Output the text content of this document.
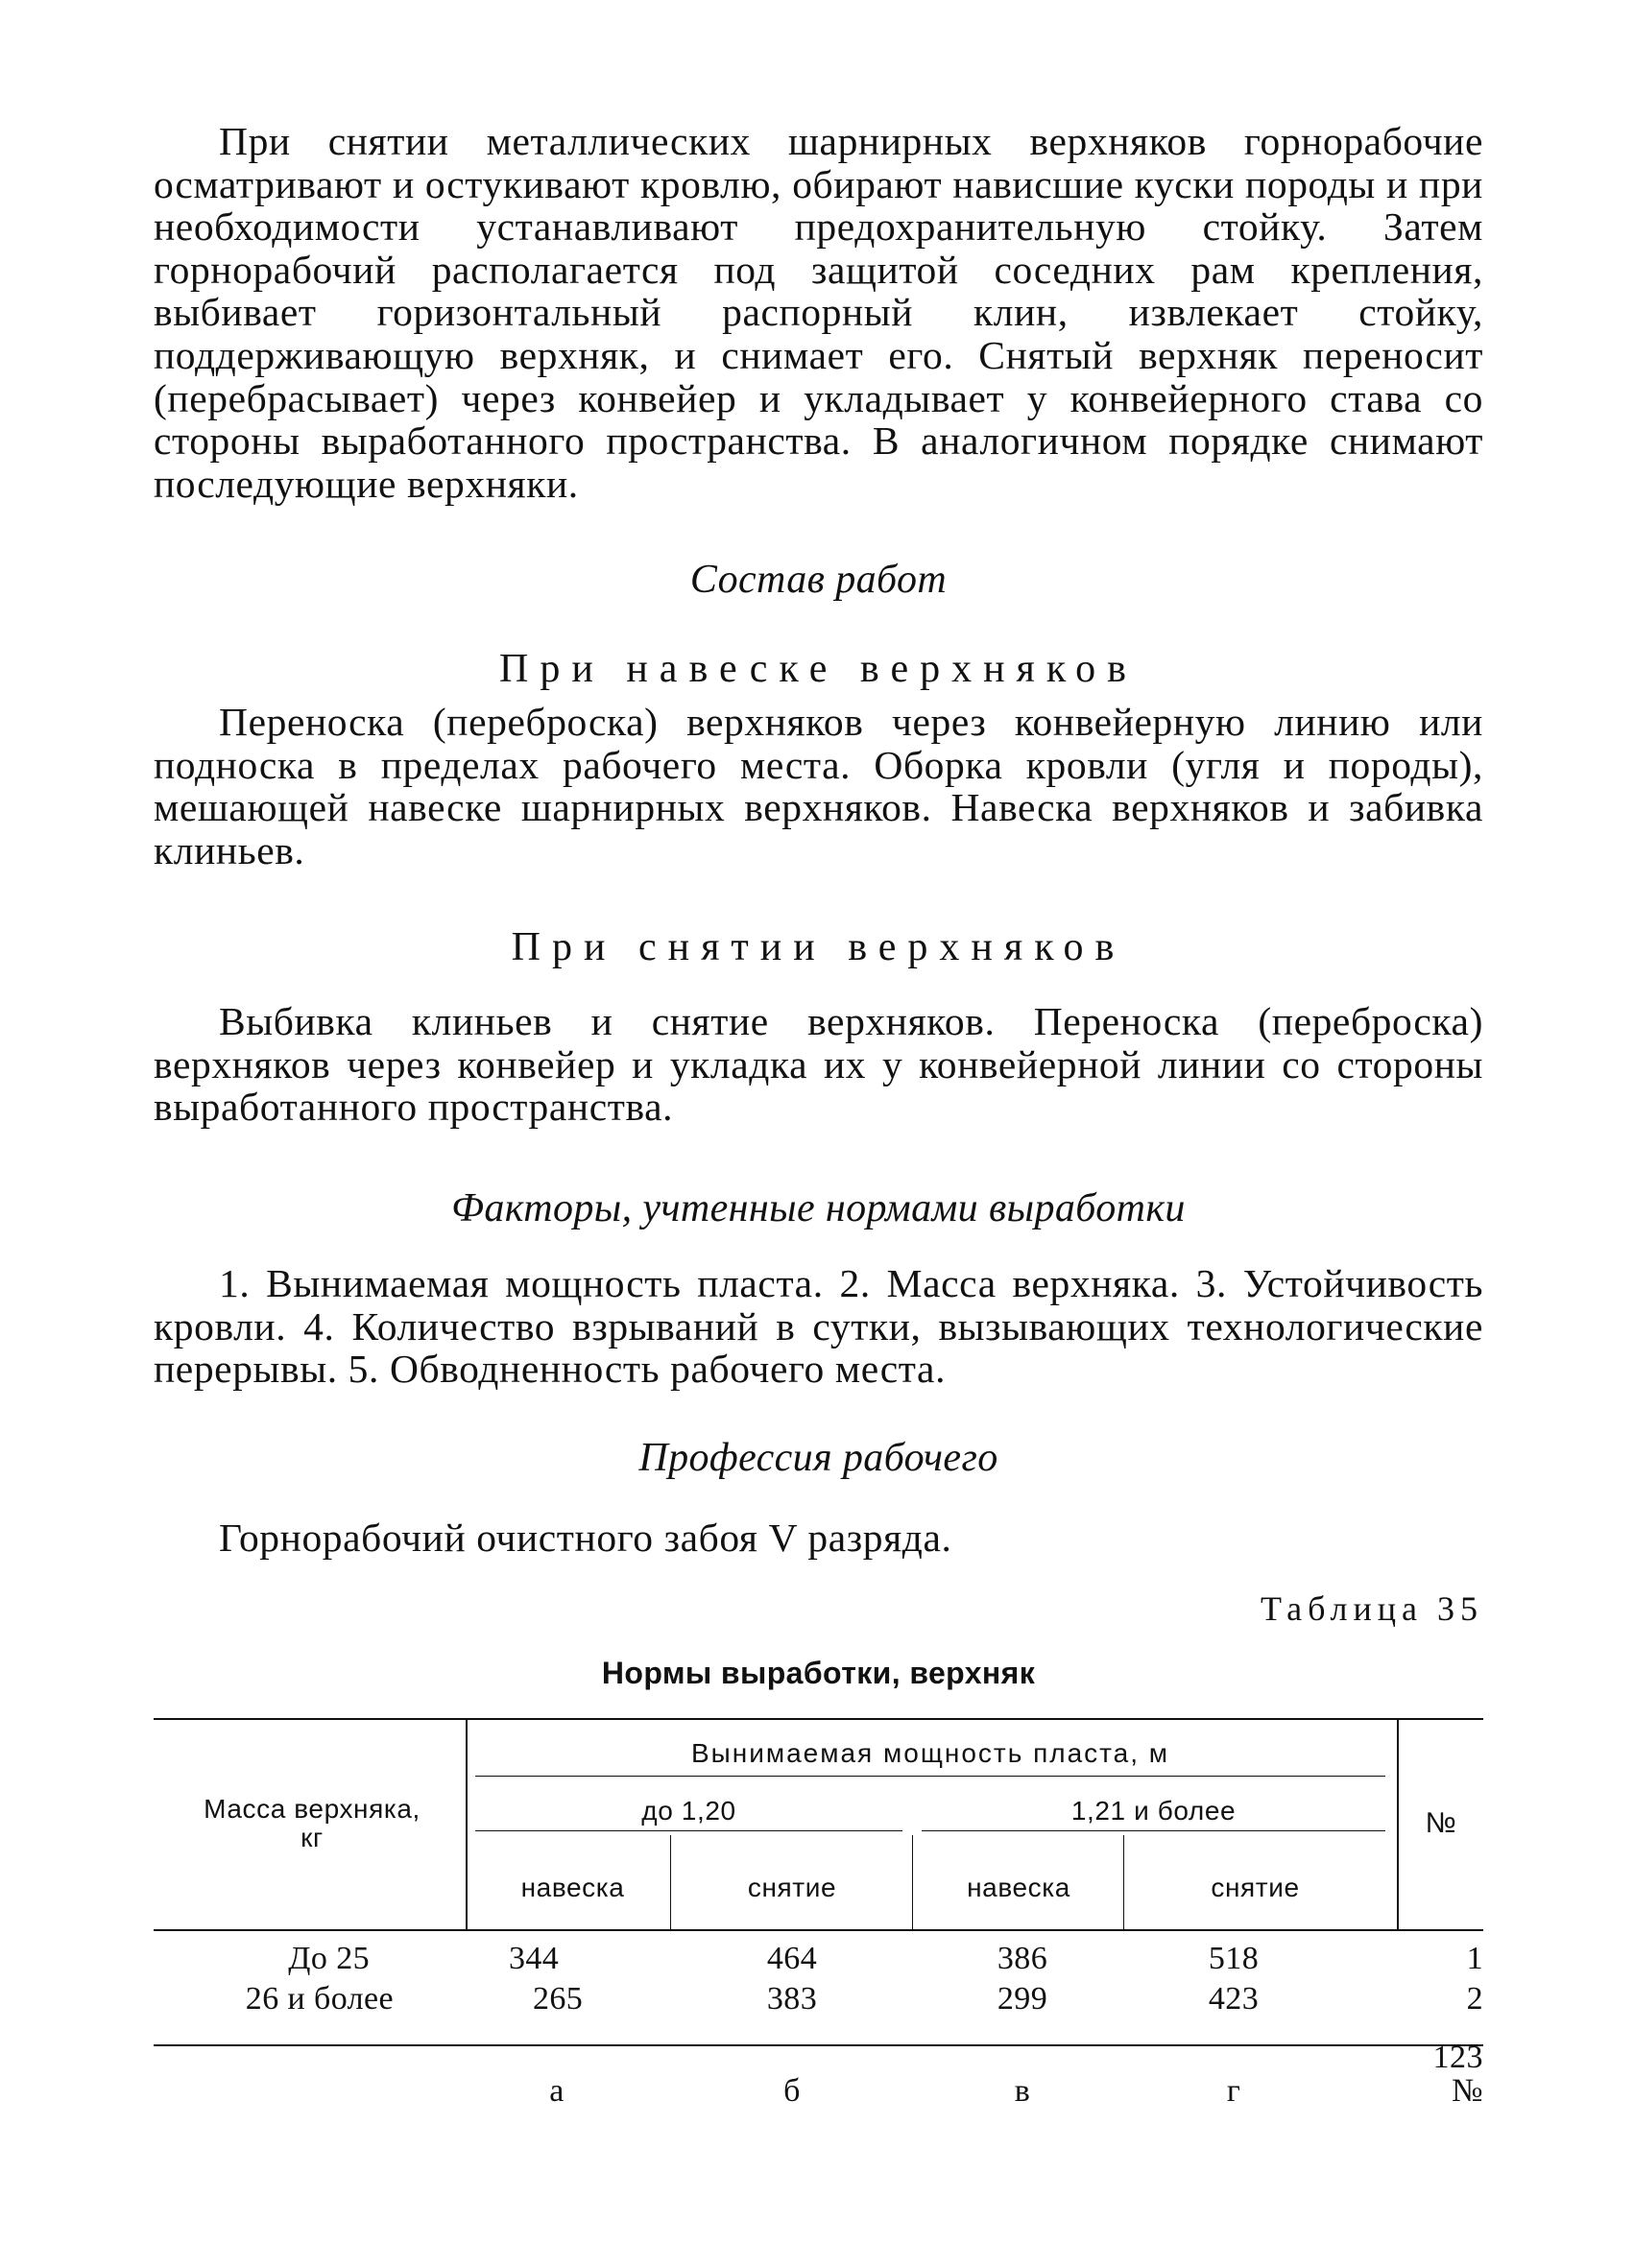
При снятии металлических шарнирных верхняков горнорабочие осматривают и остукивают кровлю, обирают нависшие куски породы и при необходимости устанавливают предохранительную стойку. Затем горнорабочий располагается под защитой соседних рам крепления, выбивает горизонтальный распорный клин, извлекает стойку, поддерживающую верхняк, и снимает его. Снятый верхняк переносит (перебрасывает) через конвейер и укладывает у конвейерного става со стороны выработанного пространства. В аналогичном порядке снимают последующие верхняки.

Состав работ

При навеске верхняков

Переноска (переброска) верхняков через конвейерную линию или подноска в пределах рабочего места. Оборка кровли (угля и породы), мешающей навеске шарнирных верхняков. Навеска верхняков и забивка клиньев.

При снятии верхняков

Выбивка клиньев и снятие верхняков. Переноска (переброска) верхняков через конвейер и укладка их у конвейерной линии со стороны выработанного пространства.

Факторы, учтенные нормами выработки

1. Вынимаемая мощность пласта. 2. Масса верхняка. 3. Устойчивость кровли. 4. Количество взрываний в сутки, вызывающих технологические перерывы. 5. Обводненность рабочего места.

Профессия рабочего

Горнорабочий очистного забоя V разряда.

Таблица 35
Нормы выработки, верхняк
Масса верхняка, кг
Вынимаемая мощность пласта, м
до 1,20	1,21 и более
навеска	снятие	навеска	снятие
№
До 25	344	464	386	518	1
26 и более	265	383	299	423	2
а	б	в	г	№
123
